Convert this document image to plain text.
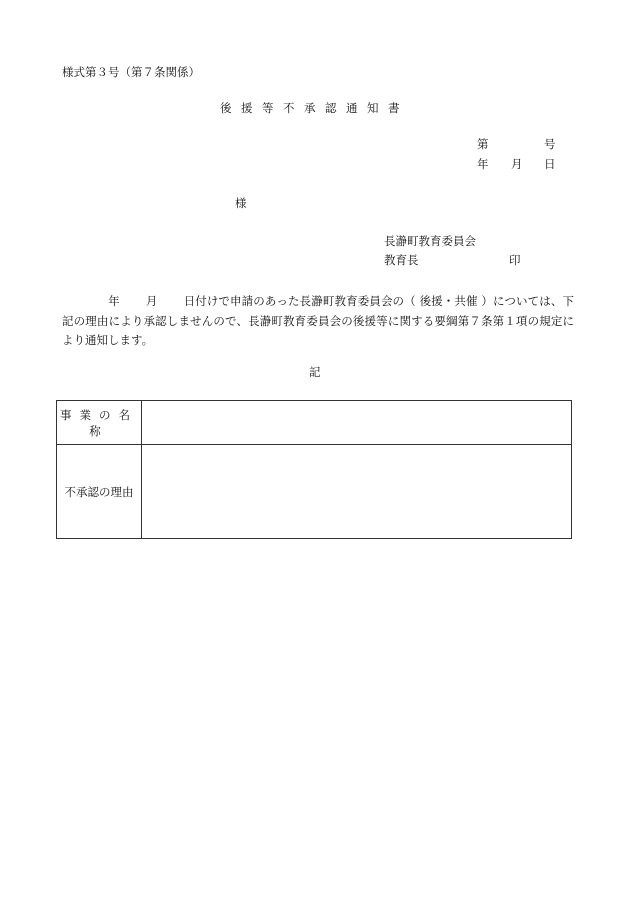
様式第３号（第７条関係）
後援等不承認通知書
第	号
年 月 日
様
長瀞町教育委員会
教育長	印
年 月 日付けで申請のあった長瀞町教育委員会の（ 後援・共催 ）については、下記の理由により承認しませんので、長瀞町教育委員会の後援等に関する要綱第７条第１項の規定により通知します。
記
事業の名称	
不承認の理由	
